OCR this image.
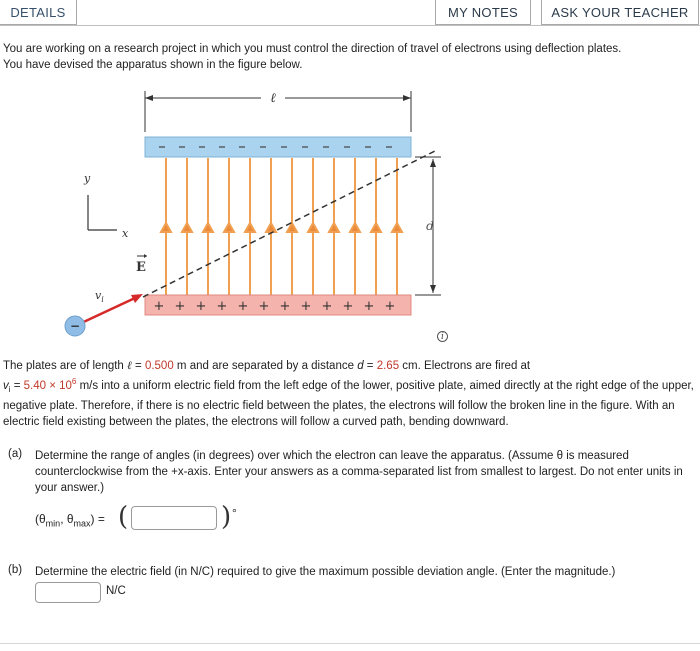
DETAILS	MY NOTES	ASK YOUR TEACHER

You are working on a research project in which you must control the direction of travel of electrons using deflection plates.

You have devised the apparatus shown in the figure below.

ℓ
+ + + + + + + + + + + +
d
y
x
E
$v_i$
−
i
The plates are of length ℓ = 0.500 m and are separated by a distance d = 2.65 cm. Electrons are fired at
$v_i = 5.40 \times 10^6$ m/s into a uniform electric field from the left edge of the lower, positive plate, aimed directly at the right edge of the upper, negative plate. Therefore, if there is no electric field between the plates, the electrons will follow the broken line in the figure. With an electric field existing between the plates, the electrons will follow a curved path, bending downward.
(a) Determine the range of angles (in degrees) over which the electron can leave the apparatus. (Assume θ is measured counterclockwise from the +x-axis. Enter your answers as a comma-separated list from smallest to largest. Do not enter units in your answer.)
($\theta_{min}$, $\theta_{max}$) = (	) °
(b) Determine the electric field (in N/C) required to give the maximum possible deviation angle. (Enter the magnitude.)
N/C
